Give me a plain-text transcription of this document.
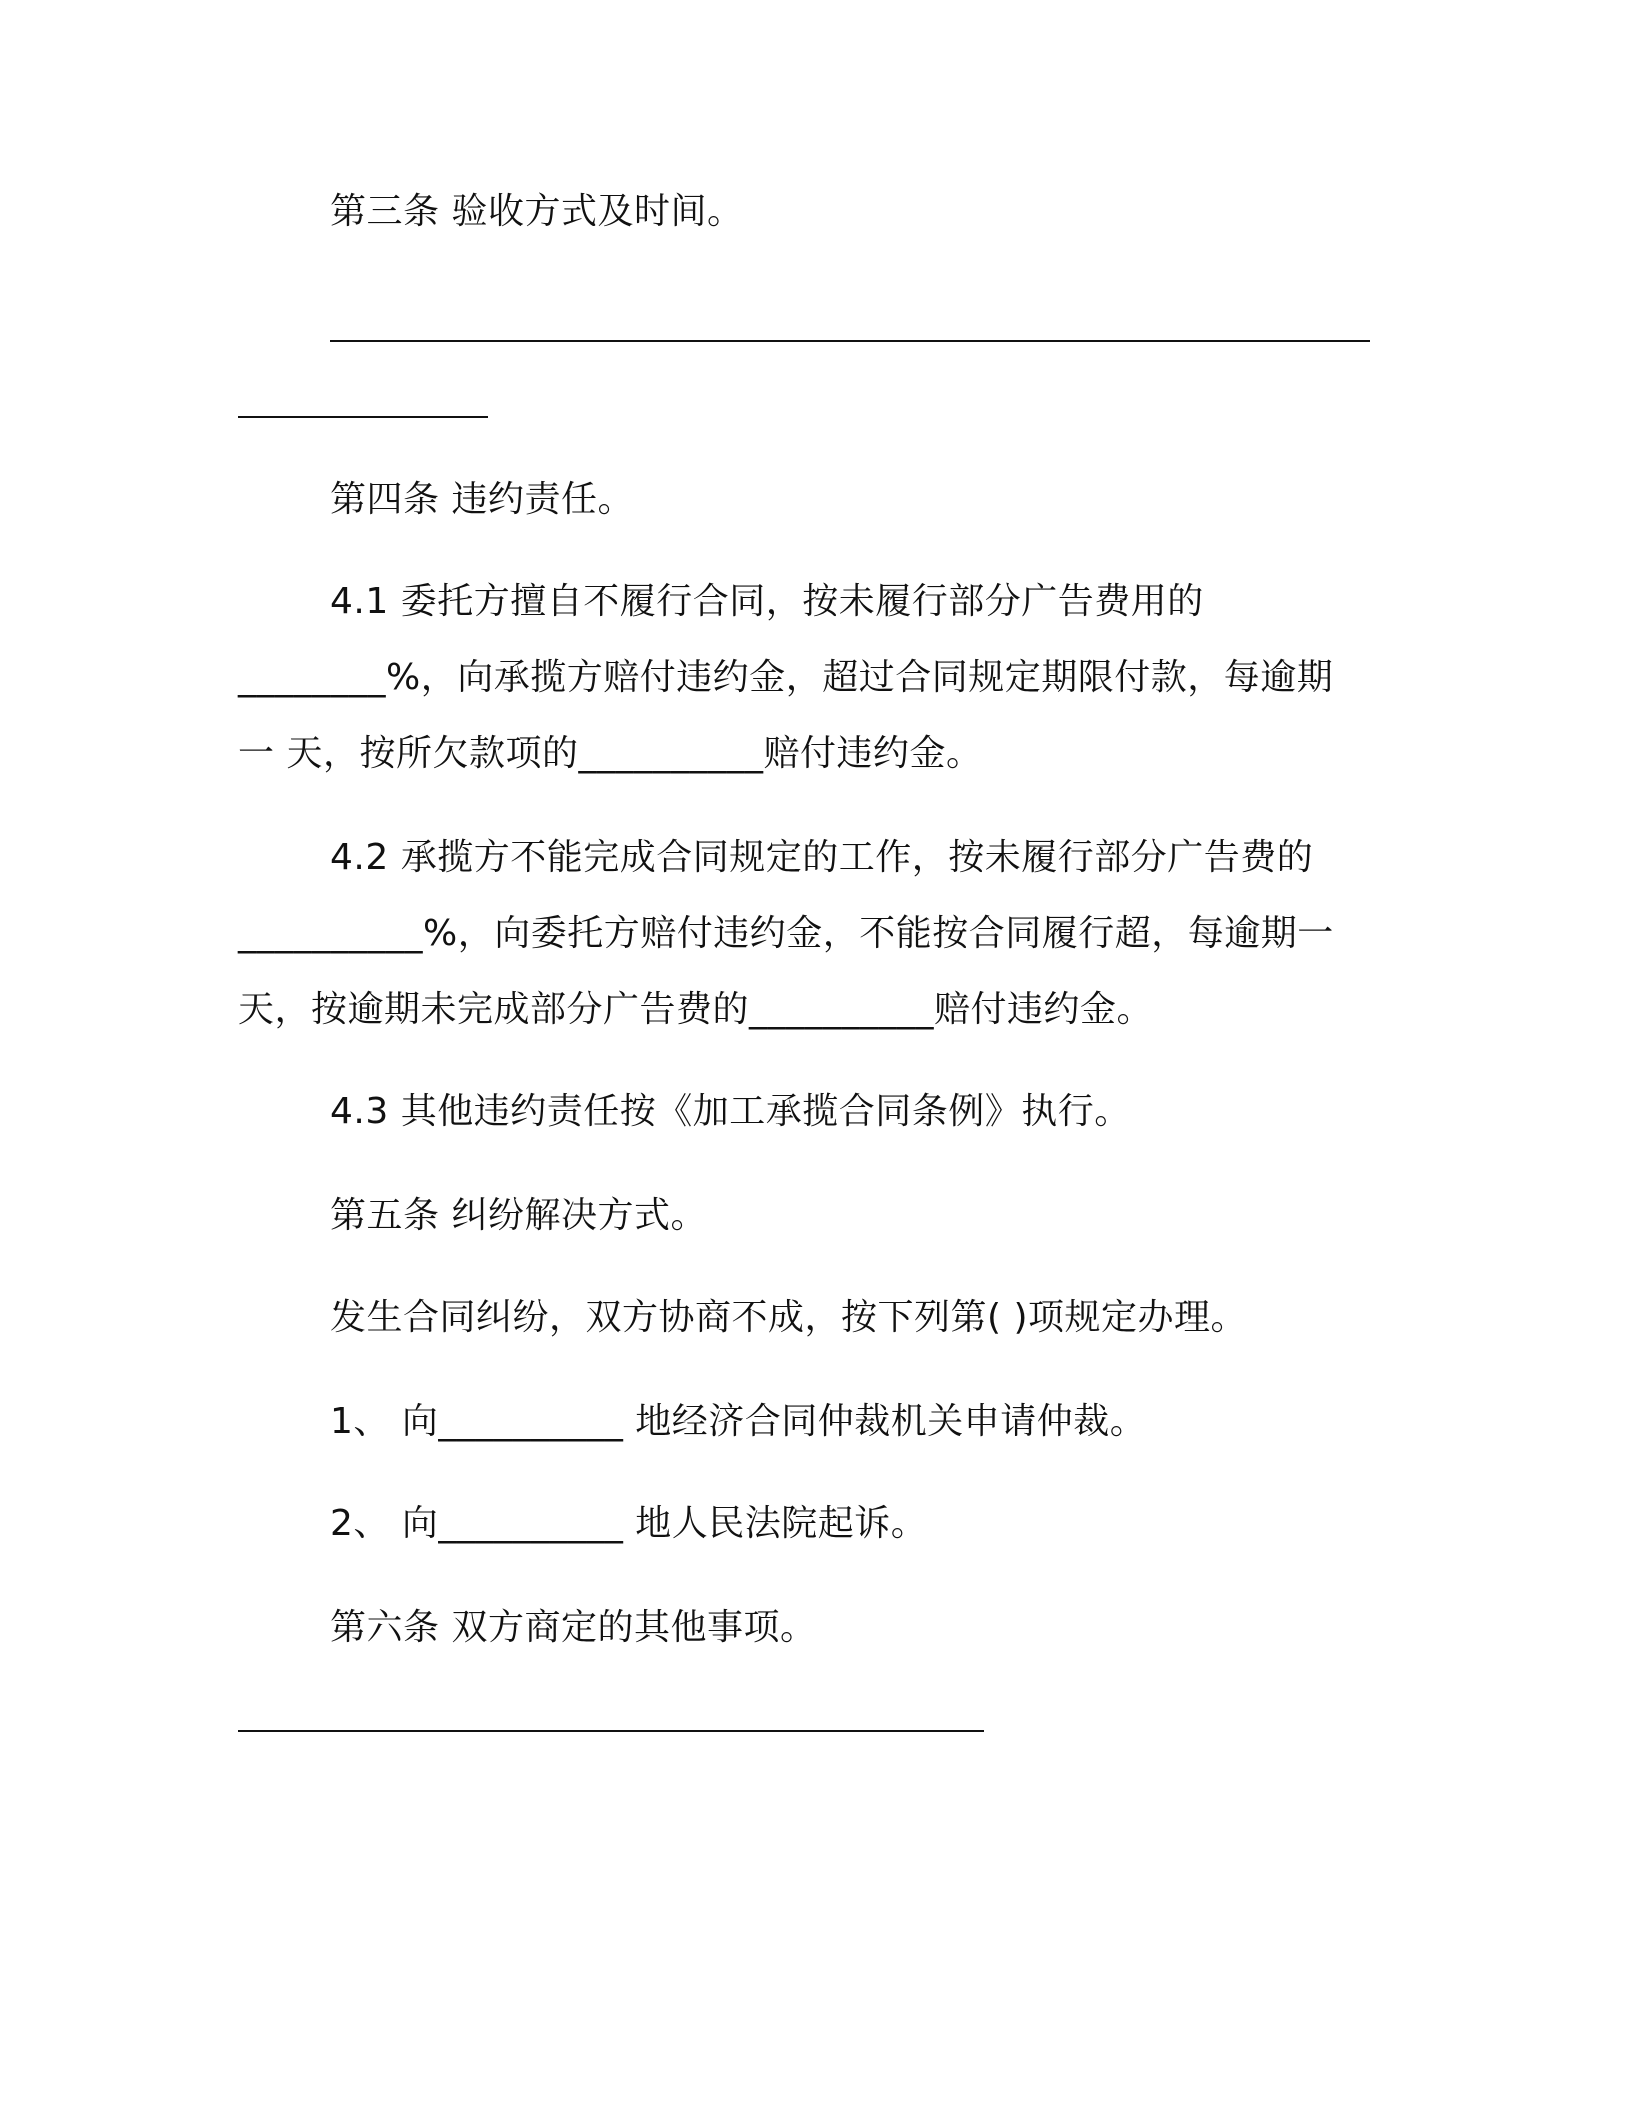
第三条 验收方式及时间。
第四条 违约责任。
4.1 委托方擅自不履行合同，按未履行部分广告费用的
________%，向承揽方赔付违约金，超过合同规定期限付款，每逾期
一 天，按所欠款项的__________赔付违约金。
4.2 承揽方不能完成合同规定的工作，按未履行部分广告费的
__________%，向委托方赔付违约金，不能按合同履行超，每逾期一
天，按逾期未完成部分广告费的__________赔付违约金。
4.3 其他违约责任按《加工承揽合同条例》执行。
第五条 纠纷解决方式。
发生合同纠纷，双方协商不成，按下列第( )项规定办理。
1、 向__________ 地经济合同仲裁机关申请仲裁。
2、 向__________ 地人民法院起诉。
第六条 双方商定的其他事项。
